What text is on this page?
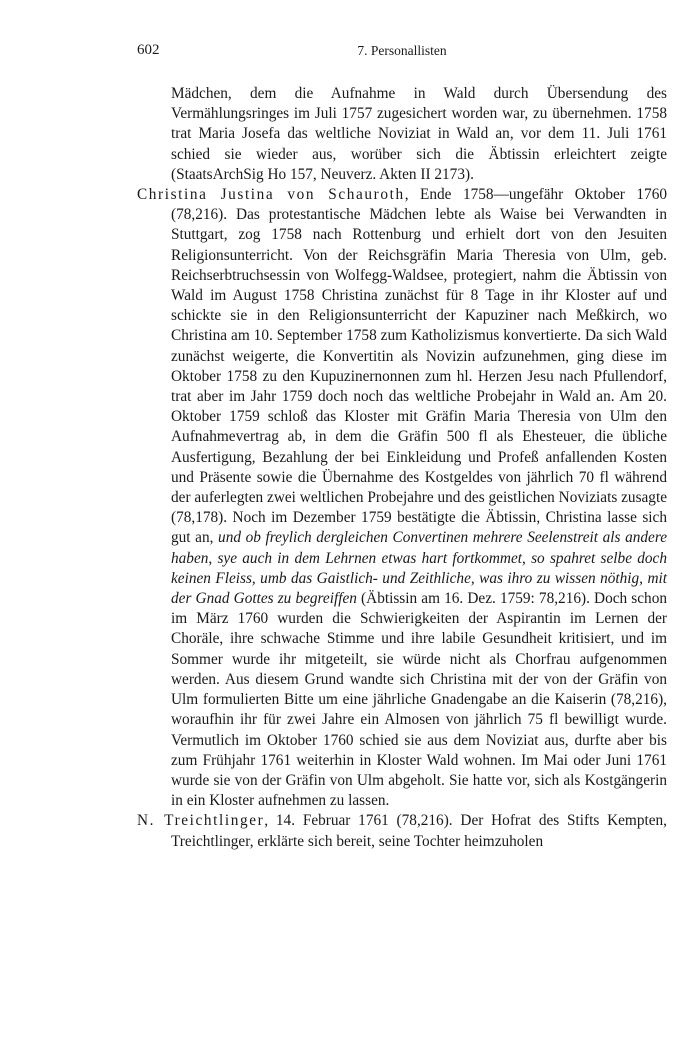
602	7. Personallisten

Mädchen, dem die Aufnahme in Wald durch Übersendung des Vermählungsringes im Juli 1757 zugesichert worden war, zu übernehmen. 1758 trat Maria Josefa das weltliche Noviziat in Wald an, vor dem 11. Juli 1761 schied sie wieder aus, worüber sich die Äbtissin erleichtert zeigte (StaatsArchSig Ho 157, Neuverz. Akten II 2173).

Christina Justina von Schauroth, Ende 1758—ungefähr Oktober 1760 (78,216). Das protestantische Mädchen lebte als Waise bei Verwandten in Stuttgart, zog 1758 nach Rottenburg und erhielt dort von den Jesuiten Religionsunterricht. Von der Reichsgräfin Maria Theresia von Ulm, geb. Reichserbtruchsessin von Wolfegg-Waldsee, protegiert, nahm die Äbtissin von Wald im August 1758 Christina zunächst für 8 Tage in ihr Kloster auf und schickte sie in den Religionsunterricht der Kapuziner nach Meßkirch, wo Christina am 10. September 1758 zum Katholizismus konvertierte. Da sich Wald zunächst weigerte, die Konvertitin als Novizin aufzunehmen, ging diese im Oktober 1758 zu den Kupuzinernonnen zum hl. Herzen Jesu nach Pfullendorf, trat aber im Jahr 1759 doch noch das weltliche Probejahr in Wald an. Am 20. Oktober 1759 schloß das Kloster mit Gräfin Maria Theresia von Ulm den Aufnahmevertrag ab, in dem die Gräfin 500 fl als Ehesteuer, die übliche Ausfertigung, Bezahlung der bei Einkleidung und Profeß anfallenden Kosten und Präsente sowie die Übernahme des Kostgeldes von jährlich 70 fl während der auferlegten zwei weltlichen Probejahre und des geistlichen Noviziats zusagte (78,178). Noch im Dezember 1759 bestätigte die Äbtissin, Christina lasse sich gut an, und ob freylich dergleichen Convertinen mehrere Seelenstreit als andere haben, sye auch in dem Lehrnen etwas hart fortkommet, so spahret selbe doch keinen Fleiss, umb das Gaistlich- und Zeithliche, was ihro zu wissen nöthig, mit der Gnad Gottes zu begreiffen (Äbtissin am 16. Dez. 1759: 78,216). Doch schon im März 1760 wurden die Schwierigkeiten der Aspirantin im Lernen der Choräle, ihre schwache Stimme und ihre labile Gesundheit kritisiert, und im Sommer wurde ihr mitgeteilt, sie würde nicht als Chorfrau aufgenommen werden. Aus diesem Grund wandte sich Christina mit der von der Gräfin von Ulm formulierten Bitte um eine jährliche Gnadengabe an die Kaiserin (78,216), woraufhin ihr für zwei Jahre ein Almosen von jährlich 75 fl bewilligt wurde. Vermutlich im Oktober 1760 schied sie aus dem Noviziat aus, durfte aber bis zum Frühjahr 1761 weiterhin in Kloster Wald wohnen. Im Mai oder Juni 1761 wurde sie von der Gräfin von Ulm abgeholt. Sie hatte vor, sich als Kostgängerin in ein Kloster aufnehmen zu lassen.

N. Treichtlinger, 14. Februar 1761 (78,216). Der Hofrat des Stifts Kempten, Treichtlinger, erklärte sich bereit, seine Tochter heimzuholen
